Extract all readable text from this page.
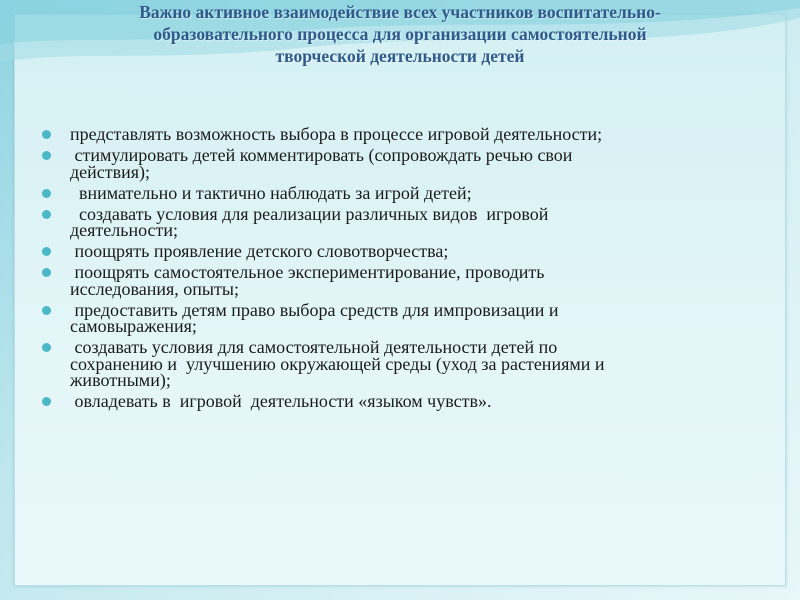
Важно активное взаимодействие всех участников воспитательно-
образовательного процесса для организации самостоятельной
творческой деятельности детей
представлять возможность выбора в процессе игровой деятельности;
стимулировать детей комментировать (сопровождать речью свои
действия);
внимательно и тактично наблюдать за игрой детей;
создавать условия для реализации различных видов  игровой
деятельности;
поощрять проявление детского словотворчества;
поощрять самостоятельное экспериментирование, проводить
исследования, опыты;
предоставить детям право выбора средств для импровизации и
самовыражения;
создавать условия для самостоятельной деятельности детей по
сохранению и  улучшению окружающей среды (уход за растениями и
животными);
овладевать в  игровой  деятельности «языком чувств».
